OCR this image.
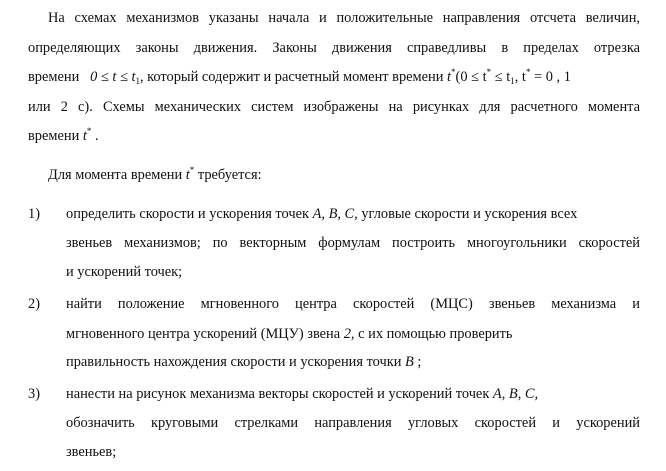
На схемах механизмов указаны начала и положительные направления отсчета величин,
определяющих законы движения. Законы движения справедливы в пределах отрезка
времени $0 \le t \le t_1$, который содержит и расчетный момент времени $t^*(0 \le t^* \le t_1$, t* = 0 , 1
или 2 с). Схемы механических систем изображены на рисунках для расчетного момента
времени t* .
Для момента времени t* требуется:
1) определить скорости и ускорения точек A, B, C, угловые скорости и ускорения всех
звеньев механизмов; по векторным формулам построить многоугольники скоростей
и ускорений точек;
2) найти положение мгновенного центра скоростей (МЦС) звеньев механизма и
мгновенного центра ускорений (МЦУ) звена 2, с их помощью проверить
правильность нахождения скорости и ускорения точки B ;
3) нанести на рисунок механизма векторы скоростей и ускорений точек A, B, C,
обозначить круговыми стрелками направления угловых скоростей и ускорений
звеньев;
